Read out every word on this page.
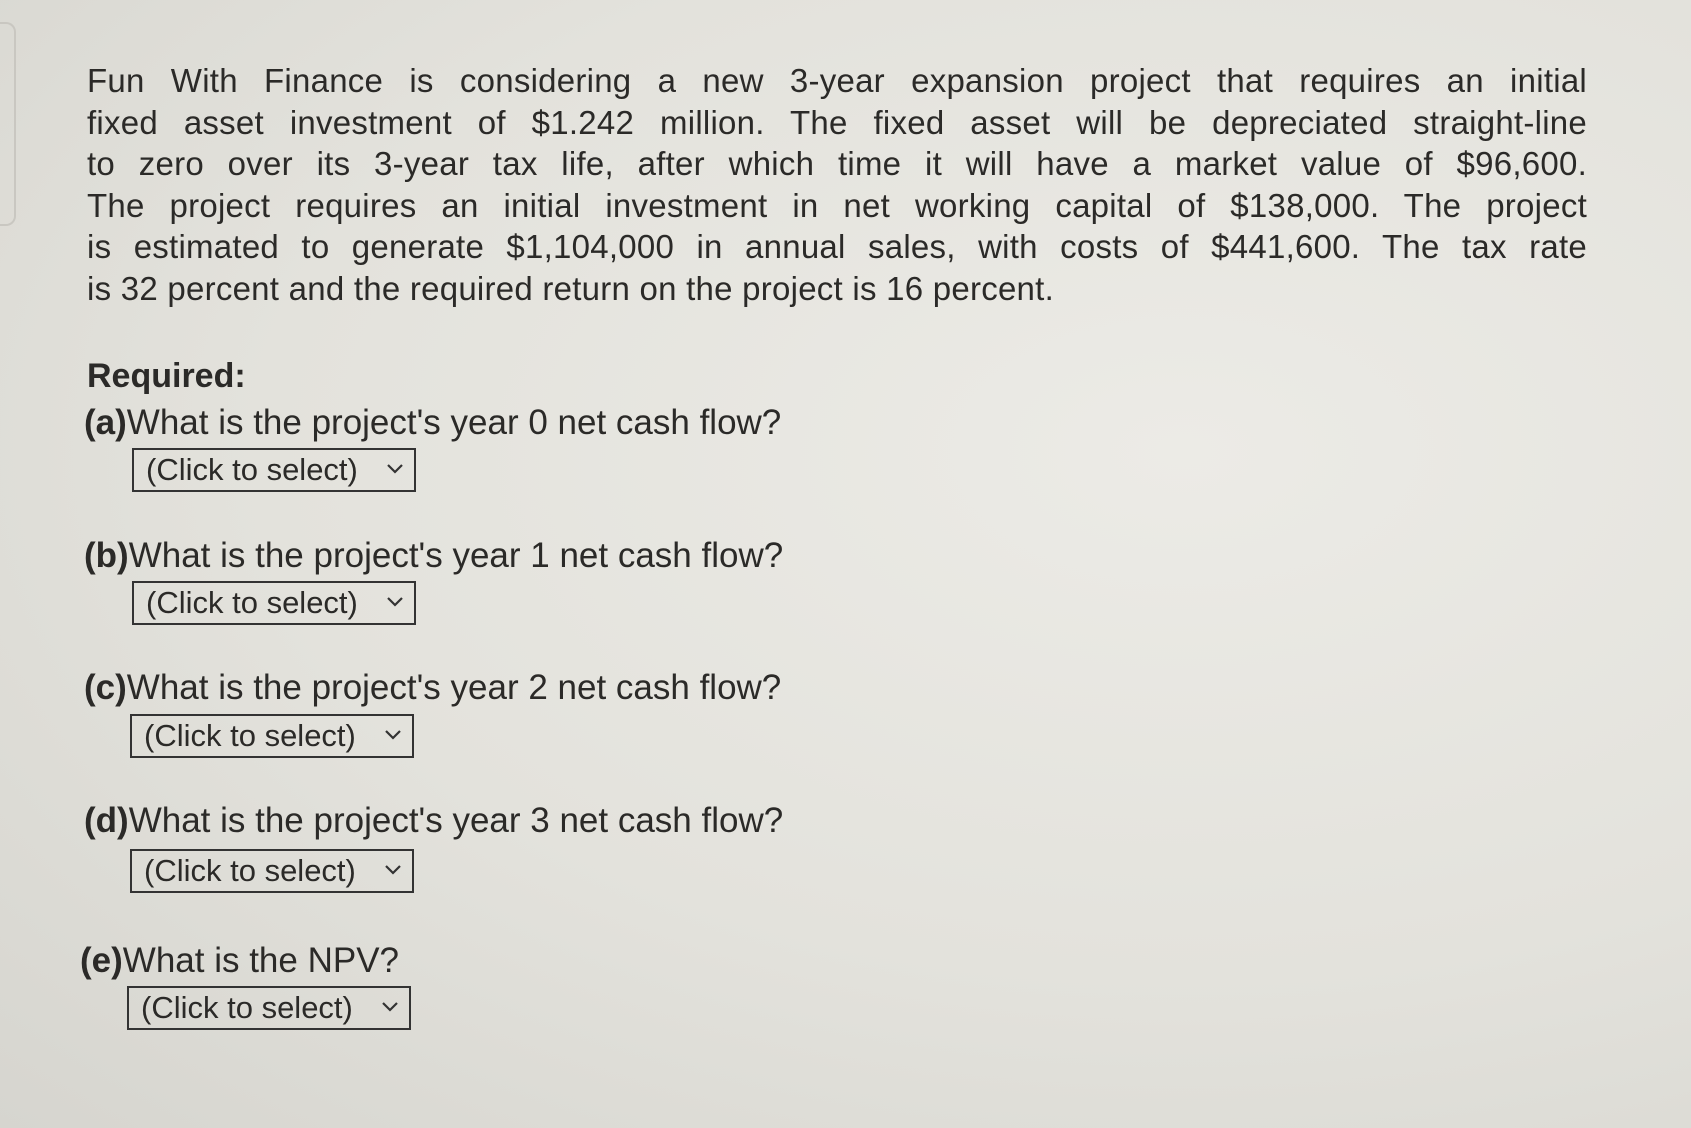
Fun With Finance is considering a new 3-year expansion project that requires an initial
fixed asset investment of $1.242 million. The fixed asset will be depreciated straight-line
to zero over its 3-year tax life, after which time it will have a market value of $96,600.
The project requires an initial investment in net working capital of $138,000. The project
is estimated to generate $1,104,000 in annual sales, with costs of $441,600. The tax rate
is 32 percent and the required return on the project is 16 percent.
Required:
(a)What is the project's year 0 net cash flow?
(Click to select)
(b)What is the project's year 1 net cash flow?
(Click to select)
(c)What is the project's year 2 net cash flow?
(Click to select)
(d)What is the project's year 3 net cash flow?
(Click to select)
(e)What is the NPV?
(Click to select)
